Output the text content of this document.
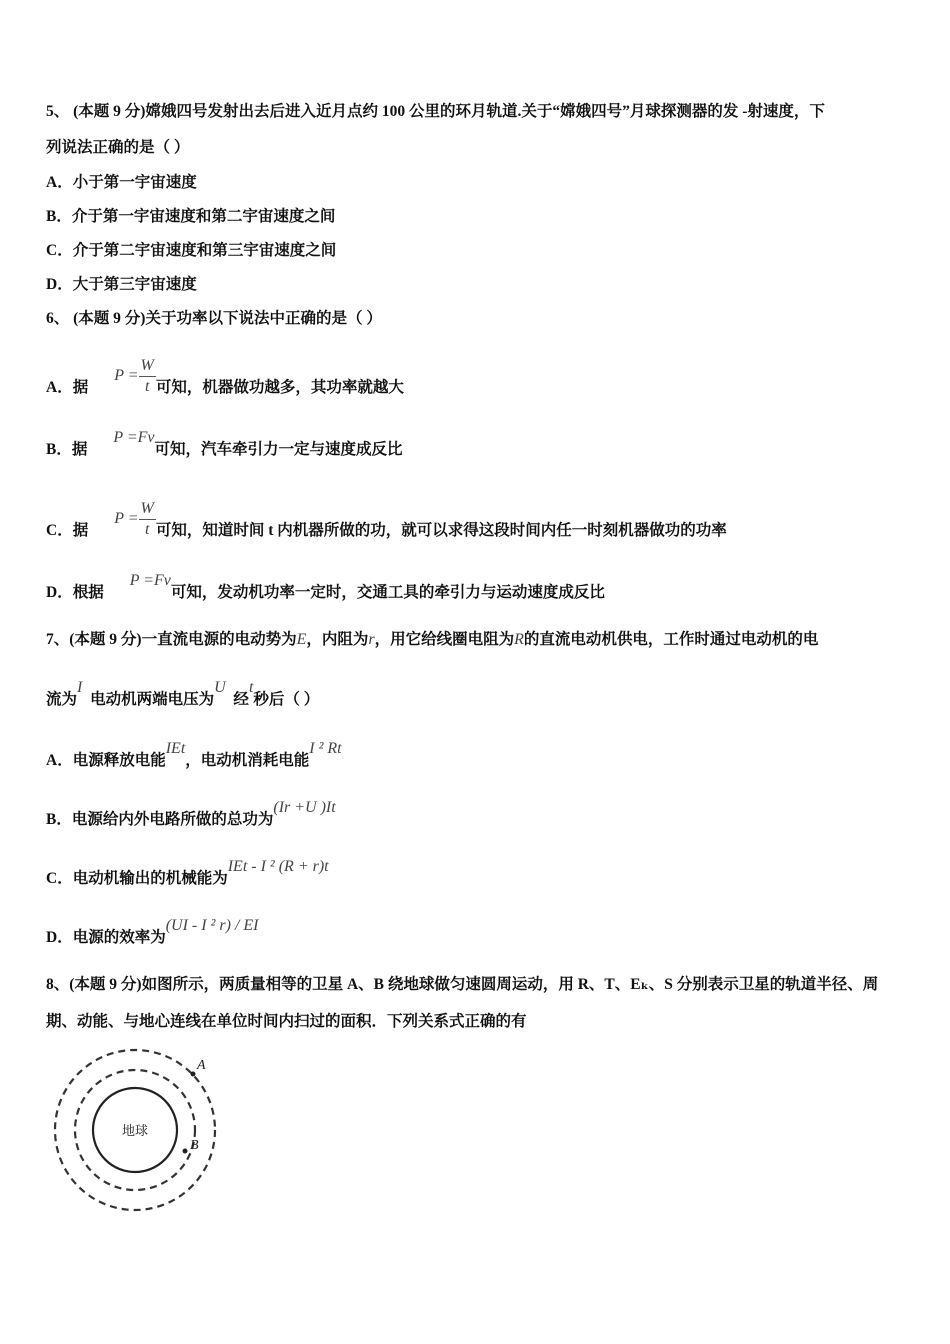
5、 (本题 9 分)嫦娥四号发射出去后进入近月点约 100 公里的环月轨道.关于“嫦娥四号”月球探测器的发 -射速度，下
列说法正确的是（ ）
A．小于第一宇宙速度
B．介于第一宇宙速度和第二宇宙速度之间
C．介于第二宇宙速度和第三宇宙速度之间
D．大于第三宇宙速度
6、 (本题 9 分)关于功率以下说法中正确的是（ ）
A．据$P = \frac{W}{t}$ 可知，机器做功越多，其功率就越大
B．据P =Fv可知，汽车牵引力一定与速度成反比
C．据$P = \frac{W}{t}$ 可知，知道时间 t 内机器所做的功，就可以求得这段时间内任一时刻机器做功的功率
D．根据P =Fv可知，发动机功率一定时，交通工具的牵引力与运动速度成反比
7、(本题 9 分)一直流电源的电动势为E，内阻为r，用它给线圈电阻为R的直流电动机供电，工作时通过电动机的电
流为I  电动机两端电压为U  经t秒后（ ）
A．电源释放电能IEt，电动机消耗电能I ² Rt
B．电源给内外电路所做的总功为(Ir +U )It
C．电动机输出的机械能为IEt - I ² (R + r)t
D．电源的效率为(UI - I ² r) / EI
8、(本题 9 分)如图所示，两质量相等的卫星 A、B 绕地球做匀速圆周运动，用 R、T、Eₖ、S 分别表示卫星的轨道半径、周
期、动能、与地心连线在单位时间内扫过的面积．下列关系式正确的有
地球
A
B
